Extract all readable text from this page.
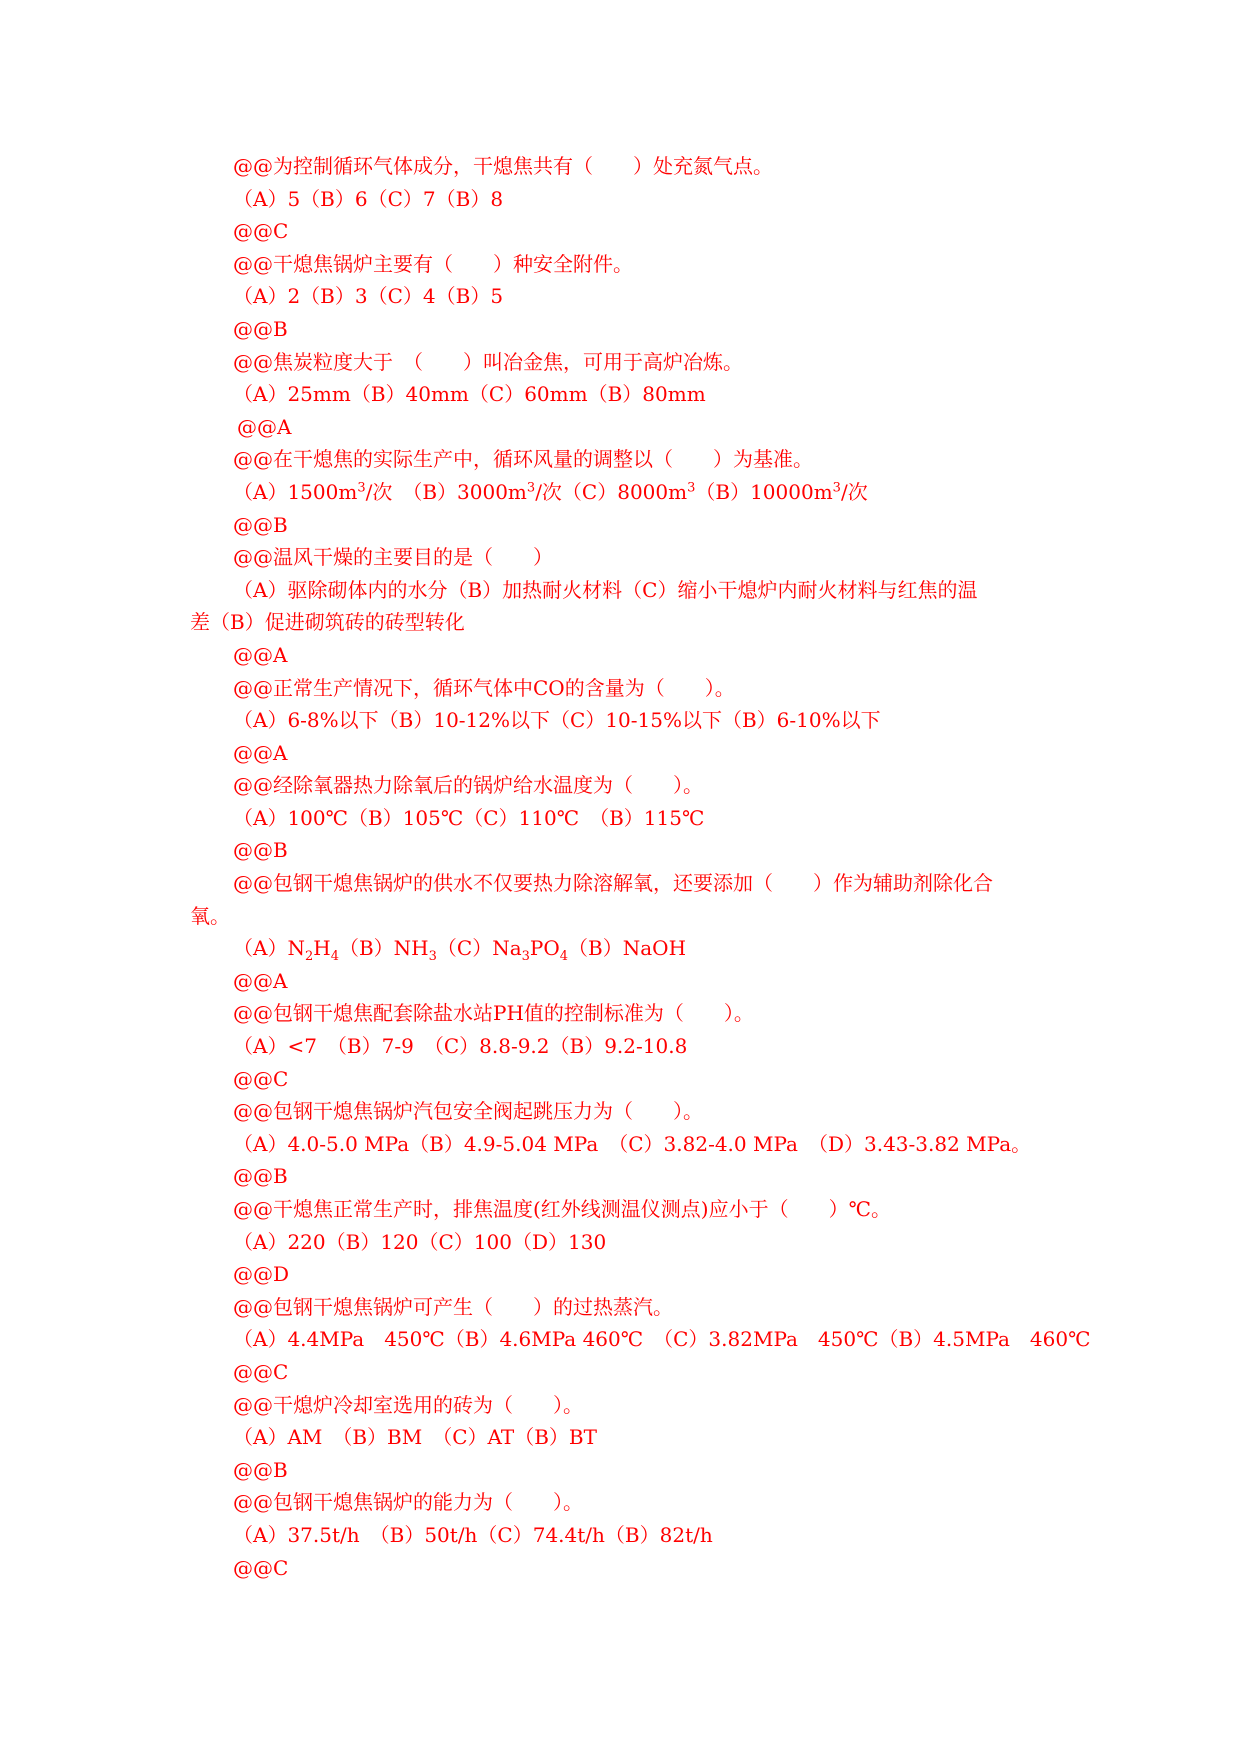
@@为控制循环气体成分，干熄焦共有（　　）处充氮气点。
（A）5（B）6（C）7（B）8
@@C
@@干熄焦锅炉主要有（　　）种安全附件。
（A）2（B）3（C）4（B）5
@@B
@@焦炭粒度大于　（　　）叫冶金焦，可用于高炉冶炼。
（A）25mm（B）40mm（C）60mm（B）80mm
@@A
@@在干熄焦的实际生产中，循环风量的调整以（　　）为基准。
$(A)1500m^3/$次　$(B)3000m^3/$次$(C)8000m^3(B)10000m^3/$次
@@B
@@温风干燥的主要目的是（　　）
（A）驱除砌体内的水分（B）加热耐火材料（C）缩小干熄炉内耐火材料与红焦的温
差（B）促进砌筑砖的砖型转化
@@A
@@正常生产情况下，循环气体中CO的含量为（　　）。
（A）6-8%以下（B）10-12%以下（C）10-15%以下（B）6-10%以下
@@A
@@经除氧器热力除氧后的锅炉给水温度为（　　）。
（A）100℃（B）105℃（C）110℃　（B）115℃
@@B
@@包钢干熄焦锅炉的供水不仅要热力除溶解氧，还要添加（　　）作为辅助剂除化合
氧。
$(A)N_2H_4(B)NH_3(C)Na_3PO_4(B)NaOH$
@@A
@@包钢干熄焦配套除盐水站PH值的控制标准为（　　）。
（A）<7　（B）7-9　（C）8.8-9.2（B）9.2-10.8
@@C
@@包钢干熄焦锅炉汽包安全阀起跳压力为（　　）。
（A）4.0-5.0 MPa（B）4.9-5.04 MPa　（C）3.82-4.0 MPa　（D）3.43-3.82 MPa。
@@B
@@干熄焦正常生产时，排焦温度(红外线测温仪测点)应小于（　　）℃。
（A）220（B）120（C）100（D）130
@@D
@@包钢干熄焦锅炉可产生（　　）的过热蒸汽。
（A）4.4MPa　450℃（B）4.6MPa 460℃　（C）3.82MPa　450℃（B）4.5MPa　460℃
@@C
@@干熄炉冷却室选用的砖为（　　）。
（A）AM　（B）BM　（C）AT（B）BT
@@B
@@包钢干熄焦锅炉的能力为（　　）。
（A）37.5t/h　（B）50t/h（C）74.4t/h（B）82t/h
@@C
